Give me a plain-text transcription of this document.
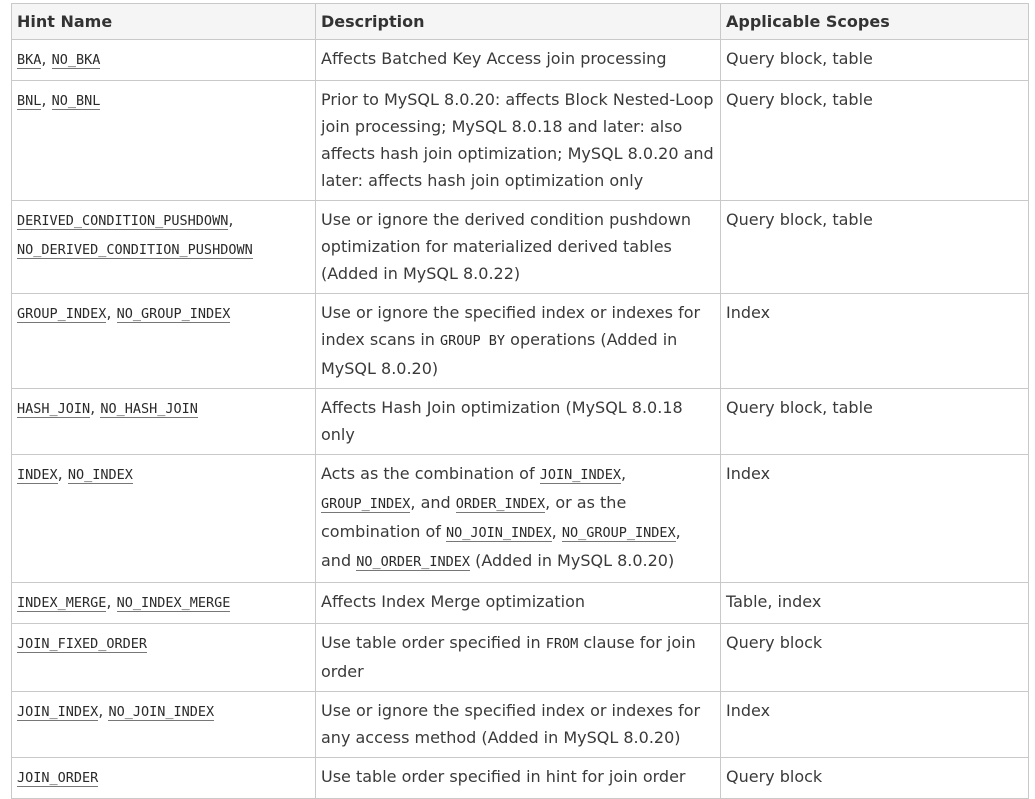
Hint Name	Description	Applicable Scopes
BKA, NO_BKA	Affects Batched Key Access join processing	Query block, table
BNL, NO_BNL	Prior to MySQL 8.0.20: affects Block Nested-Loop join processing; MySQL 8.0.18 and later: also affects hash join optimization; MySQL 8.0.20 and later: affects hash join optimization only	Query block, table
DERIVED_CONDITION_PUSHDOWN,
NO_DERIVED_CONDITION_PUSHDOWN	Use or ignore the derived condition pushdown optimization for materialized derived tables (Added in MySQL 8.0.22)	Query block, table
GROUP_INDEX, NO_GROUP_INDEX	Use or ignore the specified index or indexes for index scans in GROUP BY operations (Added in MySQL 8.0.20)	Index
HASH_JOIN, NO_HASH_JOIN	Affects Hash Join optimization (MySQL 8.0.18 only	Query block, table
INDEX, NO_INDEX	Acts as the combination of JOIN_INDEX, GROUP_INDEX, and ORDER_INDEX, or as the combination of NO_JOIN_INDEX, NO_GROUP_INDEX, and NO_ORDER_INDEX (Added in MySQL 8.0.20)	Index
INDEX_MERGE, NO_INDEX_MERGE	Affects Index Merge optimization	Table, index
JOIN_FIXED_ORDER	Use table order specified in FROM clause for join order	Query block
JOIN_INDEX, NO_JOIN_INDEX	Use or ignore the specified index or indexes for any access method (Added in MySQL 8.0.20)	Index
JOIN_ORDER	Use table order specified in hint for join order	Query block
